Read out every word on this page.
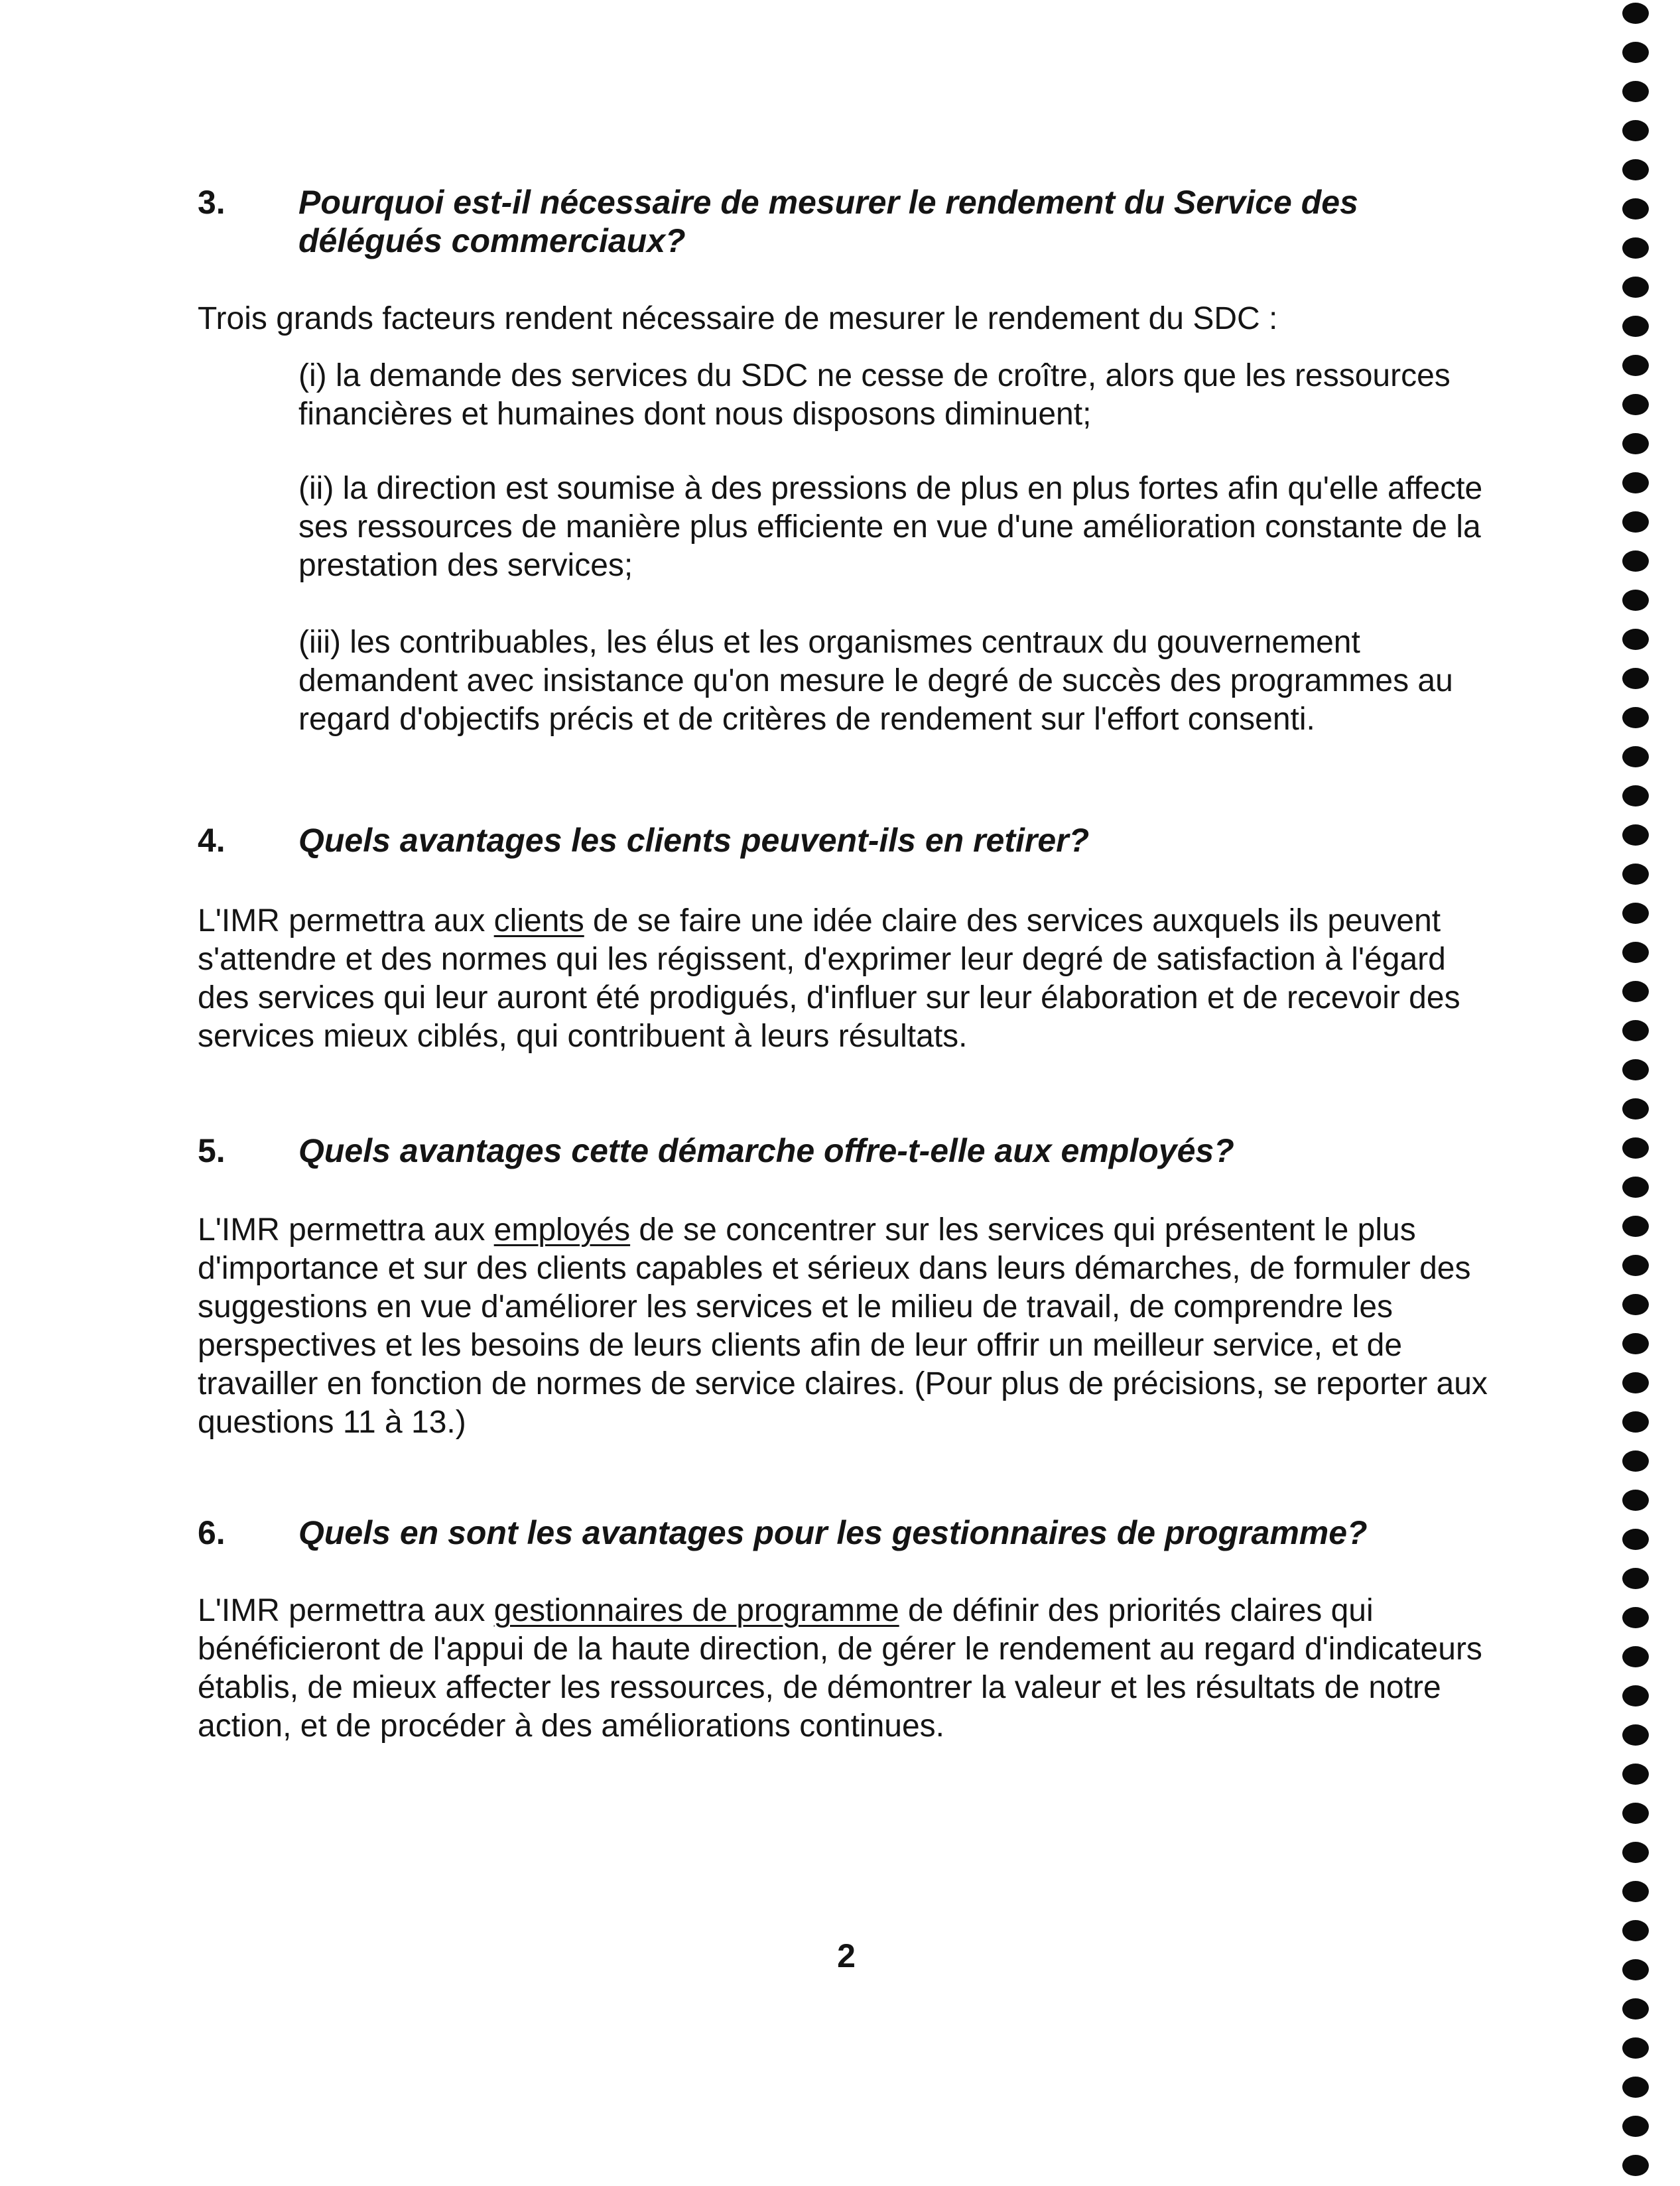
3. Pourquoi est-il nécessaire de mesurer le rendement du Service des délégués commerciaux?

Trois grands facteurs rendent nécessaire de mesurer le rendement du SDC :

(i) la demande des services du SDC ne cesse de croître, alors que les ressources financières et humaines dont nous disposons diminuent;

(ii) la direction est soumise à des pressions de plus en plus fortes afin qu'elle affecte ses ressources de manière plus efficiente en vue d'une amélioration constante de la prestation des services;

(iii) les contribuables, les élus et les organismes centraux du gouvernement demandent avec insistance qu'on mesure le degré de succès des programmes au regard d'objectifs précis et de critères de rendement sur l'effort consenti.

4. Quels avantages les clients peuvent-ils en retirer?

L'IMR permettra aux clients de se faire une idée claire des services auxquels ils peuvent s'attendre et des normes qui les régissent, d'exprimer leur degré de satisfaction à l'égard des services qui leur auront été prodigués, d'influer sur leur élaboration et de recevoir des services mieux ciblés, qui contribuent à leurs résultats.

5. Quels avantages cette démarche offre-t-elle aux employés?

L'IMR permettra aux employés de se concentrer sur les services qui présentent le plus d'importance et sur des clients capables et sérieux dans leurs démarches, de formuler des suggestions en vue d'améliorer les services et le milieu de travail, de comprendre les perspectives et les besoins de leurs clients afin de leur offrir un meilleur service, et de travailler en fonction de normes de service claires. (Pour plus de précisions, se reporter aux questions 11 à 13.)

6. Quels en sont les avantages pour les gestionnaires de programme?

L'IMR permettra aux gestionnaires de programme de définir des priorités claires qui bénéficieront de l'appui de la haute direction, de gérer le rendement au regard d'indicateurs établis, de mieux affecter les ressources, de démontrer la valeur et les résultats de notre action, et de procéder à des améliorations continues.

2
